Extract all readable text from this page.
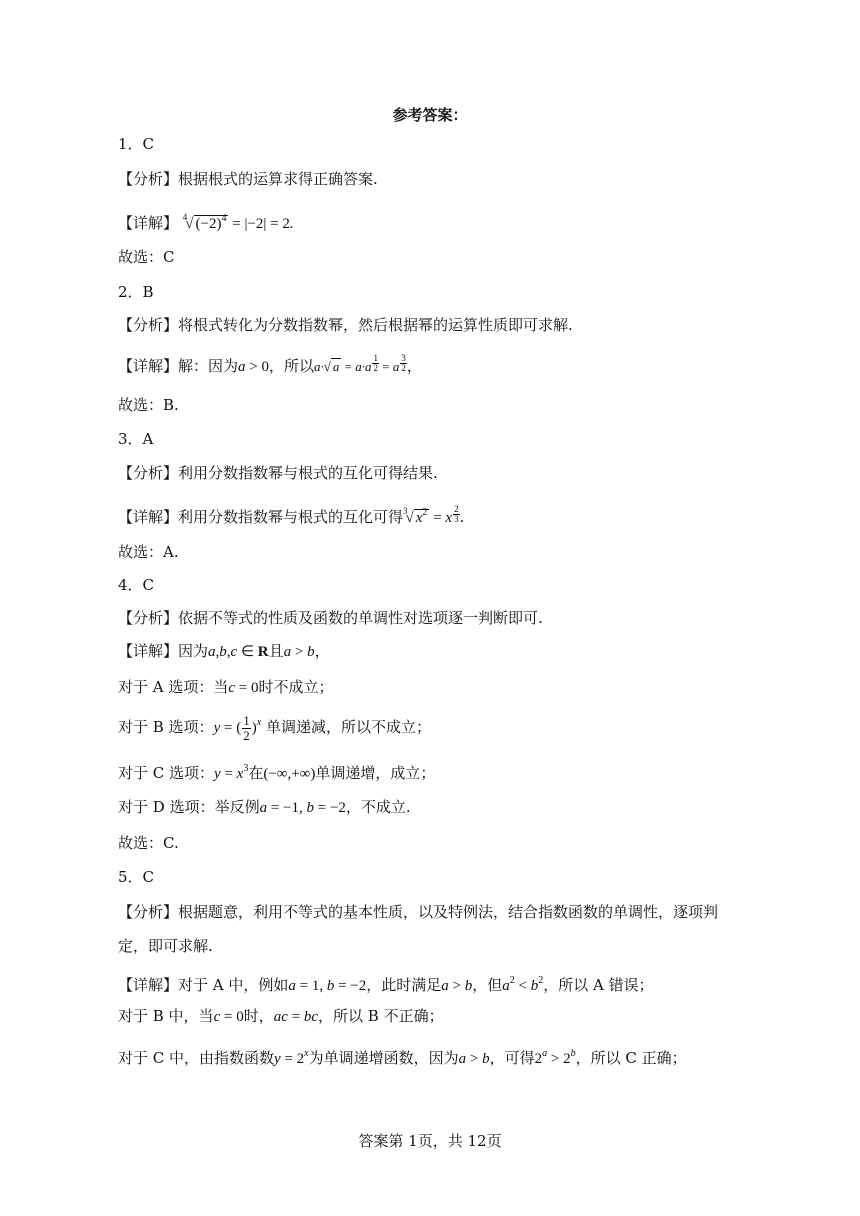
参考答案：
1．C
【分析】根据根式的运算求得正确答案.
【详解】 $^4$√ $(-2)^4 = |-2| = 2$.
故选：C
2．B
【分析】将根式转化为分数指数幂，然后根据幂的运算性质即可求解.
【详解】解：因为a > 0，所以a·√ $a = a\cdot a \frac{1}{2} = a \frac{3}{2}$ ，
故选：B.
3．A
【分析】利用分数指数幂与根式的互化可得结果.
【详解】利用分数指数幂与根式的互化可得$^3$√ $x^2 = x \frac{2}{3}$ .
故选：A.
4．C
【分析】依据不等式的性质及函数的单调性对选项逐一判断即可.
【详解】因为a,b,c ∈ R且a > b，
对于 A 选项：当c = 0时不成立；
对于 B 选项：y = ( $\frac{1}{2} )^x$ 单调递减，所以不成立；
对于 C 选项：$y = x^3$在(−∞,+∞)单调递增，成立；
对于 D 选项：举反例a = −1, b = −2，不成立.
故选：C.
5．C
【分析】根据题意，利用不等式的基本性质，以及特例法，结合指数函数的单调性，逐项判
定，即可求解.
【详解】对于 A 中，例如a = 1, b = −2，此时满足a > b，但$a^2 < b^2$，所以 A 错误；
对于 B 中，当c = 0时，ac = bc，所以 B 不正确；
对于 C 中，由指数函数$y = 2^x$为单调递增函数，因为a > b，可得$2^a > 2^b$，所以 C 正确；
答案第 1页，共 12页
